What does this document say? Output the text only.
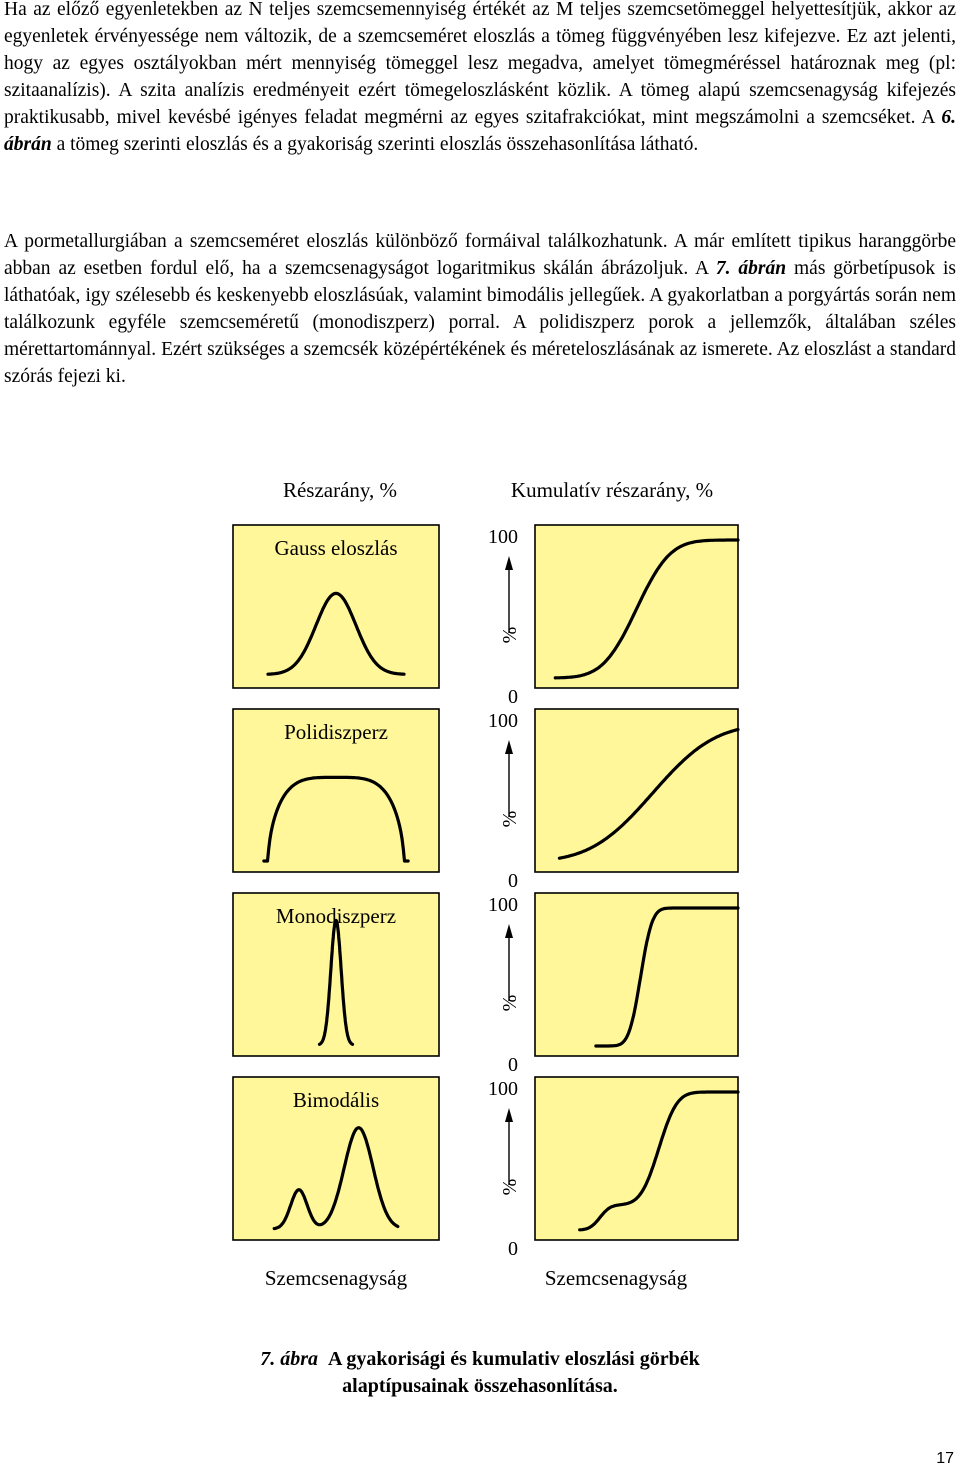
Ha az előző egyenletekben az N teljes szemcsemennyiség értékét az M teljes szemcsetömeggel helyettesítjük, akkor az egyenletek érvényessége nem változik, de a szemcseméret eloszlás a tömeg függvényében lesz kifejezve. Ez azt jelenti, hogy az egyes osztályokban mért mennyiség tömeggel lesz megadva, amelyet tömegméréssel határoznak meg (pl: szitaanalízis). A szita analízis eredményeit ezért tömegeloszlásként közlik. A tömeg alapú szemcsenagyság kifejezés praktikusabb, mivel kevésbé igényes feladat megmérni az egyes szitafrakciókat, mint megszámolni a szemcséket. A 6. ábrán a tömeg szerinti eloszlás és a gyakoriság szerinti eloszlás összehasonlítása látható.

A pormetallurgiában a szemcseméret eloszlás különböző formáival találkozhatunk. A már említett tipikus haranggörbe abban az esetben fordul elő, ha a szemcsenagyságot logaritmikus skálán ábrázoljuk. A 7. ábrán más görbetípusok is láthatóak, igy szélesebb és keskenyebb eloszlásúak, valamint bimodális jellegűek. A gyakorlatban a porgyártás során nem találkozunk egyféle szemcseméretű (monodiszperz) porral. A polidiszperz porok a jellemzők, általában széles mérettartománnyal. Ezért szükséges a szemcsék középértékének és méreteloszlásának az ismerete. Az eloszlást a standard szórás fejezi ki.

Részarány, %	Kumulatív részarány, %
Gauss eloszlás	100
0
%
Polidiszperz	100
0
%
Monodiszperz	100
0
%
Bimodális	100
0
%
Szemcsenagyság	Szemcsenagyság
7. ábra A gyakorisági és kumulativ eloszlási görbék
alaptípusainak összehasonlítása.
17
